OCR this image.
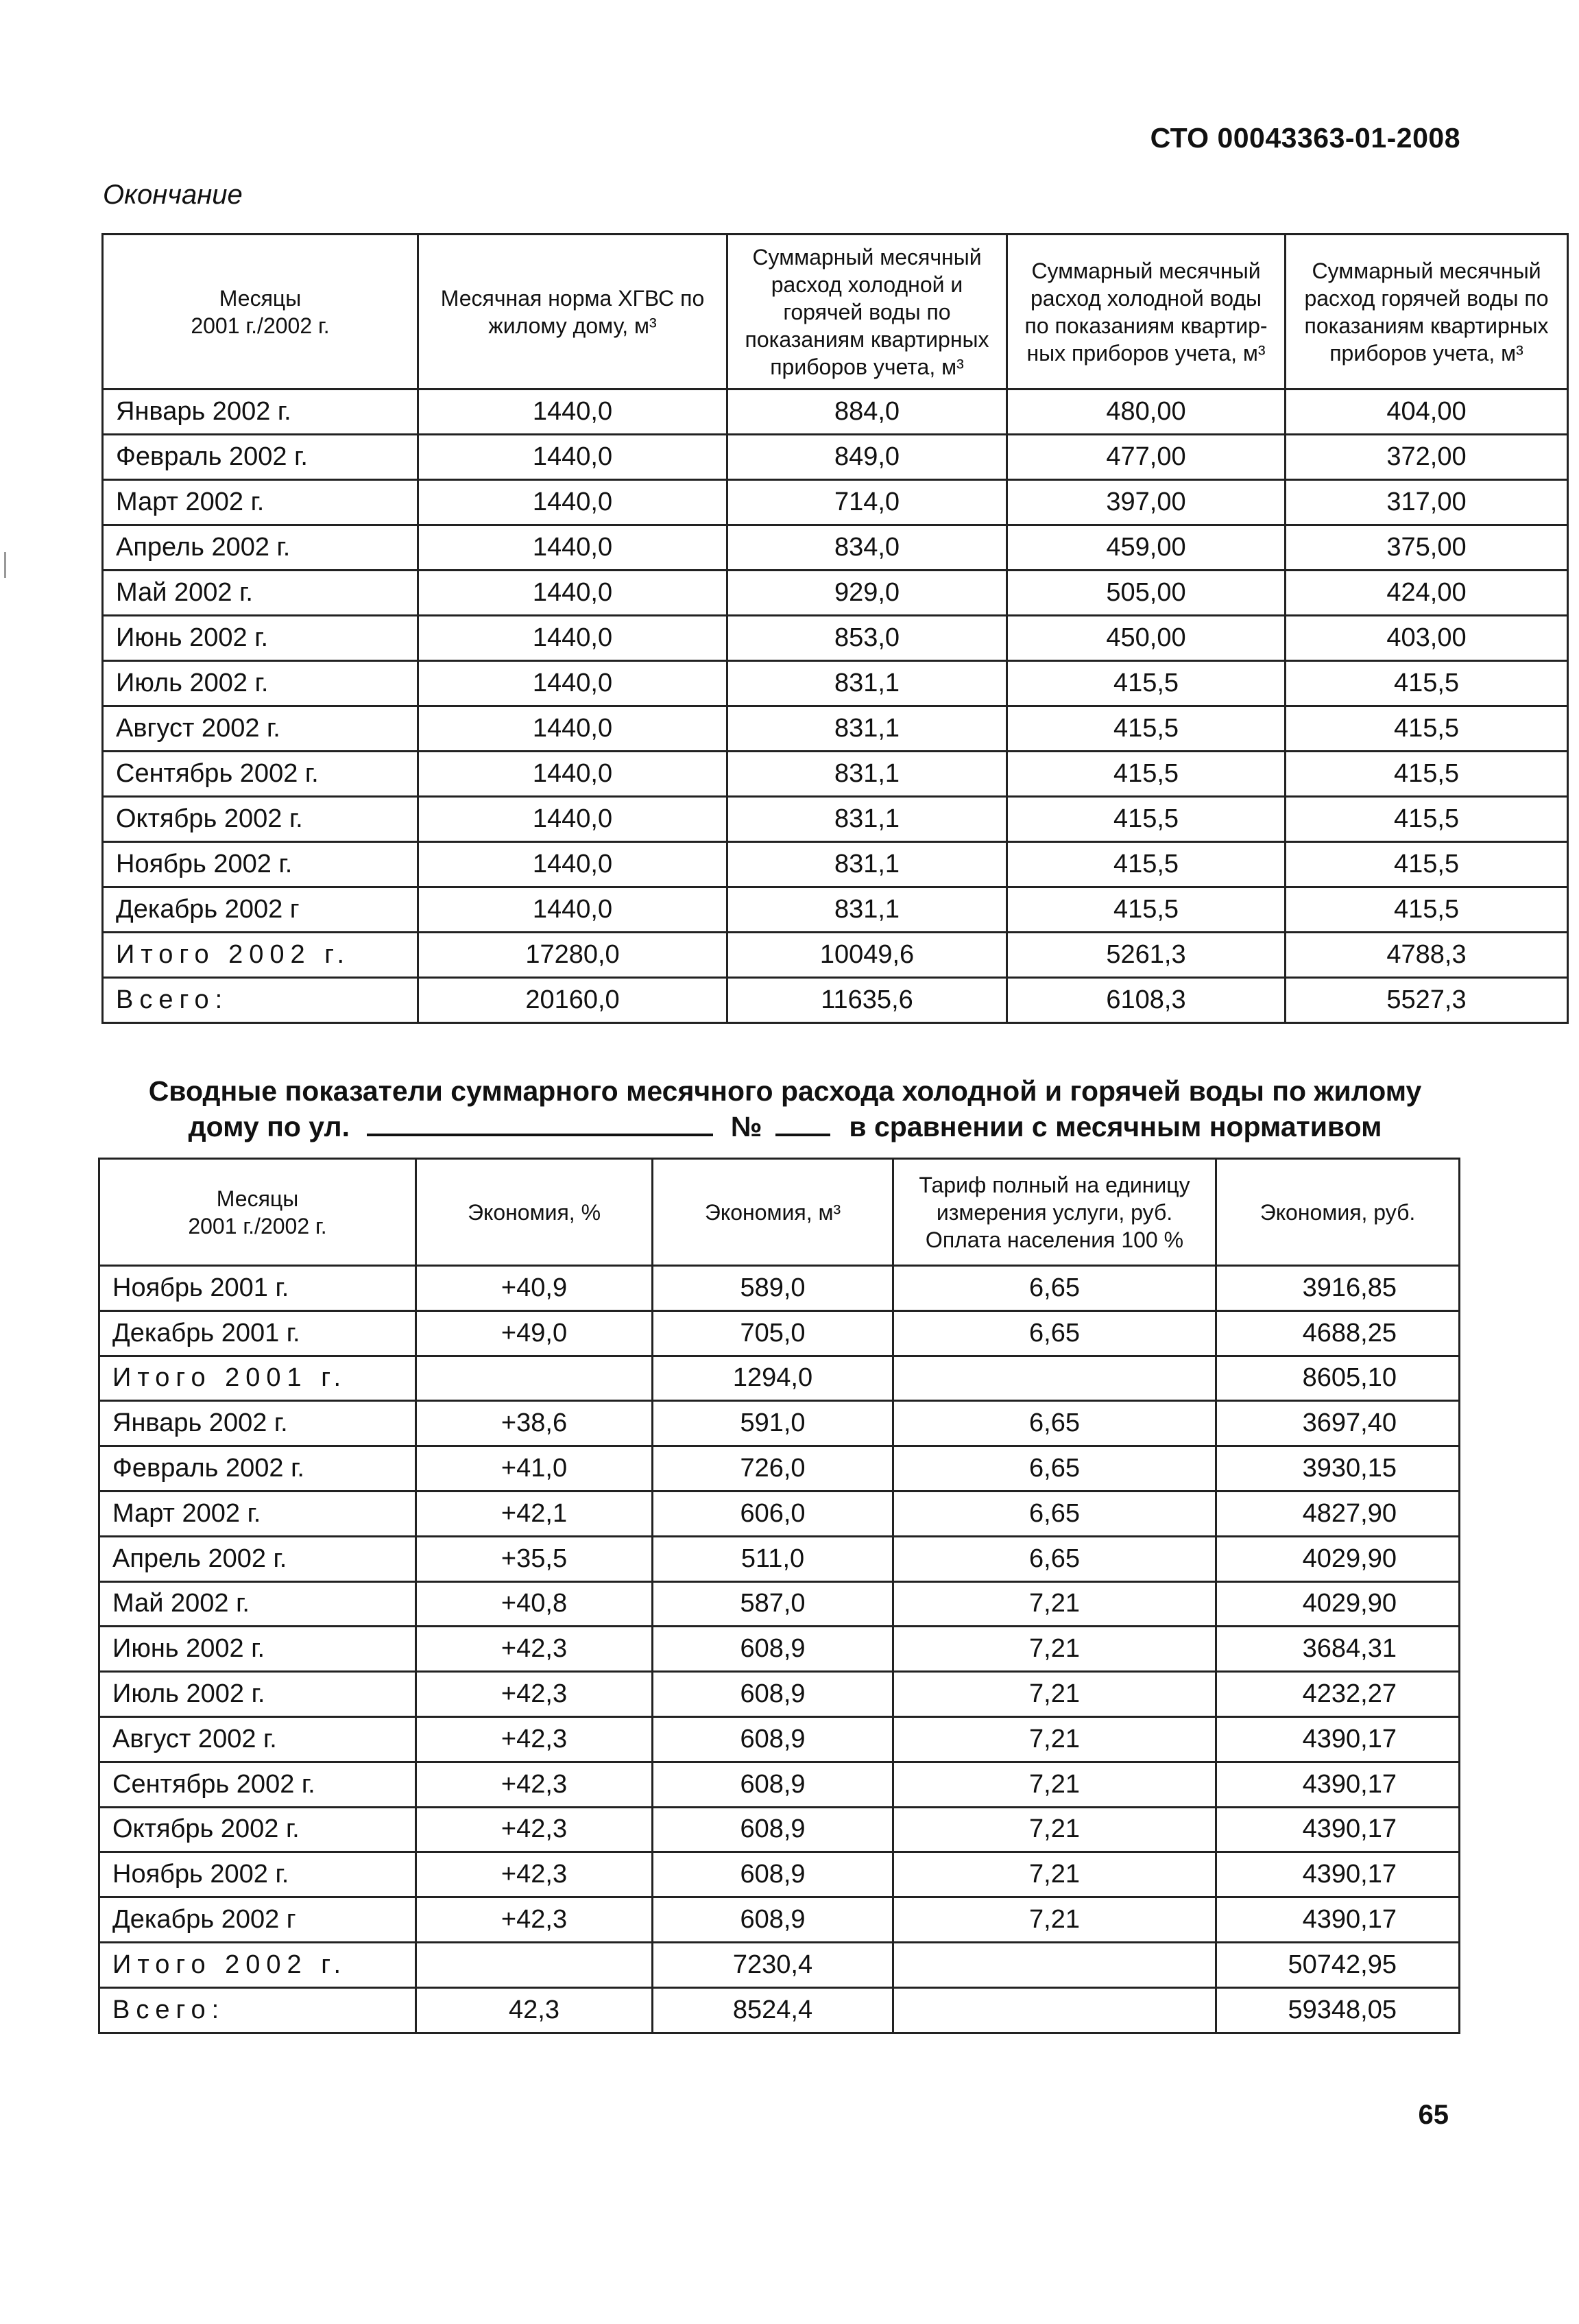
СТО 00043363-01-2008
Окончание
Месяцы
2001 г./2002 г.	Месячная норма ХГВС по жилому дому, м³	Суммарный месячный расход холодной и горячей воды по показаниям квартирных приборов учета, м³	Суммарный месячный расход холодной воды по показаниям квартир-ных приборов учета, м³	Суммарный месячный расход горячей воды по показаниям квартирных приборов учета, м³
Январь 2002 г.	1440,0	884,0	480,00	404,00
Февраль 2002 г.	1440,0	849,0	477,00	372,00
Март 2002 г.	1440,0	714,0	397,00	317,00
Апрель 2002 г.	1440,0	834,0	459,00	375,00
Май 2002 г.	1440,0	929,0	505,00	424,00
Июнь 2002 г.	1440,0	853,0	450,00	403,00
Июль 2002 г.	1440,0	831,1	415,5	415,5
Август 2002 г.	1440,0	831,1	415,5	415,5
Сентябрь 2002 г.	1440,0	831,1	415,5	415,5
Октябрь 2002 г.	1440,0	831,1	415,5	415,5
Ноябрь 2002 г.	1440,0	831,1	415,5	415,5
Декабрь 2002 г	1440,0	831,1	415,5	415,5
Итого 2002 г.	17280,0	10049,6	5261,3	4788,3
Всего:	20160,0	11635,6	6108,3	5527,3
Сводные показатели суммарного месячного расхода холодной и горячей воды по жилому
дому по ул.	№	в сравнении с месячным нормативом
Месяцы
2001 г./2002 г.	Экономия, %	Экономия, м³	Тариф полный на единицу измерения услуги, руб. Оплата населения 100 %	Экономия, руб.
Ноябрь 2001 г.	+40,9	589,0	6,65	3916,85
Декабрь 2001 г.	+49,0	705,0	6,65	4688,25
Итого 2001 г.		1294,0		8605,10
Январь 2002 г.	+38,6	591,0	6,65	3697,40
Февраль 2002 г.	+41,0	726,0	6,65	3930,15
Март 2002 г.	+42,1	606,0	6,65	4827,90
Апрель 2002 г.	+35,5	511,0	6,65	4029,90
Май 2002 г.	+40,8	587,0	7,21	4029,90
Июнь 2002 г.	+42,3	608,9	7,21	3684,31
Июль 2002 г.	+42,3	608,9	7,21	4232,27
Август 2002 г.	+42,3	608,9	7,21	4390,17
Сентябрь 2002 г.	+42,3	608,9	7,21	4390,17
Октябрь 2002 г.	+42,3	608,9	7,21	4390,17
Ноябрь 2002 г.	+42,3	608,9	7,21	4390,17
Декабрь 2002 г	+42,3	608,9	7,21	4390,17
Итого 2002 г.		7230,4		50742,95
Всего:	42,3	8524,4		59348,05
65
